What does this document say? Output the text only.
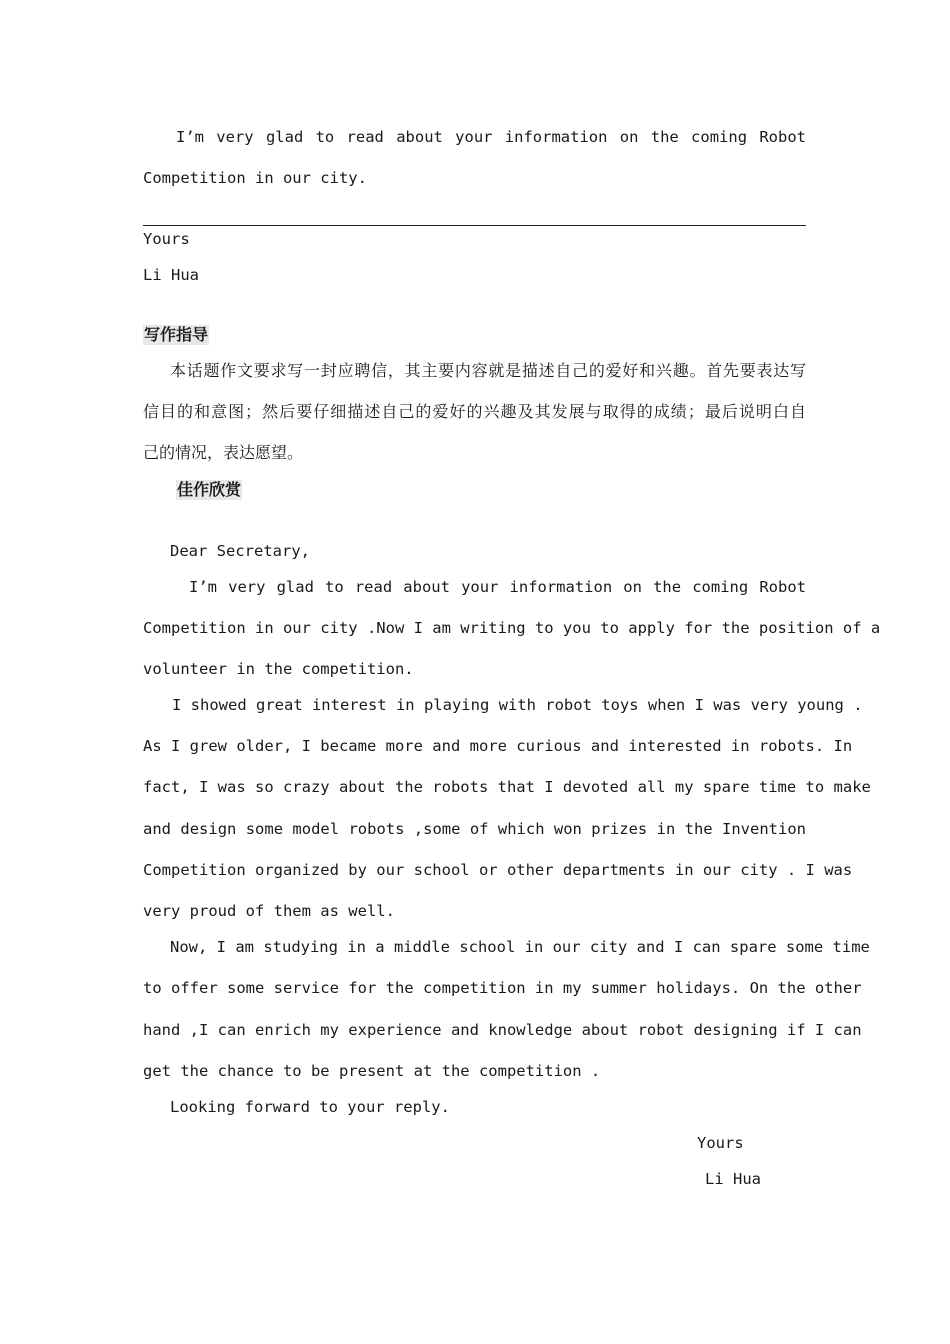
I’m very glad to read about your information on the coming Robot
Competition in our city.
Yours
Li Hua
写作指导
本话题作文要求写一封应聘信，其主要内容就是描述自己的爱好和兴趣。首先要表达写
信目的和意图；然后要仔细描述自己的爱好的兴趣及其发展与取得的成绩；最后说明白自
己的情况，表达愿望。
佳作欣赏
Dear Secretary,
I’m very glad to read about your information on the coming Robot
Competition in our city .Now I am writing to you to apply for the position of a
volunteer in the competition.
I showed great interest in playing with robot toys when I was very young .
As I grew older, I became more and more curious and interested in robots. In
fact, I was so crazy about the robots that I devoted all my spare time to make
and design some model robots ,some of which won prizes in the Invention
Competition organized by our school or other departments in our city . I was
very proud of them as well.
Now, I am studying in a middle school in our city and I can spare some time
to offer some service for the competition in my summer holidays. On the other
hand ,I can enrich my experience and knowledge about robot designing if I can
get the chance to be present at the competition .
Looking forward to your reply.
Yours
Li Hua
